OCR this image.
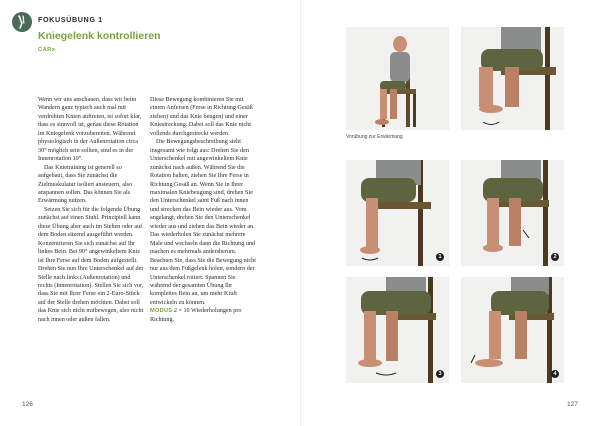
FOKUSÜBUNG 1
Kniegelenk kontrollieren
CARs

Wenn wir uns anschauen, dass wir beim Wandern ganz typisch auch mal mit verdrehten Knien auftreten, ist sofort klar, dass es sinnvoll ist, genau diese Rotation im Kniegelenk vorzubereiten. Während physiologisch in der Außenrotation circa 30° möglich sein sollten, sind es in der Innenrotation 10°.

Das Knietraining ist generell so aufgebaut, dass Sie zunächst die Zielmuskulatur isoliert ansteuern, also anspannen sollen. Das können Sie als Erwärmung nutzen.

Setzen Sie sich für die folgende Übung zunächst auf einen Stuhl. Prinzipiell kann diese Übung aber auch im Stehen oder auf dem Boden sitzend ausgeführt werden. Konzentrieren Sie sich zunächst auf Ihr linkes Bein. Bei 90° angewinkeltem Knie ist Ihre Ferse auf dem Boden aufgestellt. Drehen Sie nun Ihre Unterschenkel auf der Stelle nach links (Außenrotation) und rechts (Innenrotation). Stellen Sie sich vor, dass Sie mit Ihrer Ferse ein 2-Euro-Stück auf der Stelle drehen möchten. Dabei soll das Knie sich nicht mitbewegen, also nicht nach innen oder außen fallen.

Diese Bewegung kombinieren Sie mit einem Anfersen (Ferse in Richtung Gesäß ziehen) und das Knie beugen) und einer Kniestreckung. Dabei soll das Knie nicht vollends durchgestreckt werden.

Die Bewegungsbeschreibung sieht insgesamt wie folgt aus: Drehen Sie den Unterschenkel mit angewinkeltem Knie zunächst nach außen. Während Sie die Rotation halten, ziehen Sie Ihre Ferse in Richtung Gesäß an. Wenn Sie in Ihrer maximalen Kniebeugung sind, drehen Sie den Unterschenkel samt Fuß nach innen und strecken das Bein wieder aus. Vom angelangt, drehen Sie den Unterschenkel wieder aus und ziehen das Bein wieder an. Das wiederholen Sie zunächst mehrere Male und wechseln dann die Richtung und machen es mehrmals andersherum. Beachten Sie, dass Sie die Bewegung nicht nur aus dem Fußgelenk holen, sondern der Unterschenkel rotiert. Spannen Sie während der gesamten Übung Ihr komplettes Bein an, um mehr Kraft entwickeln zu können.

MODUS 2 × 10 Wiederholungen pro Richtung.

Vorübung zur Erwärmung
1	2
3	4
126	127
